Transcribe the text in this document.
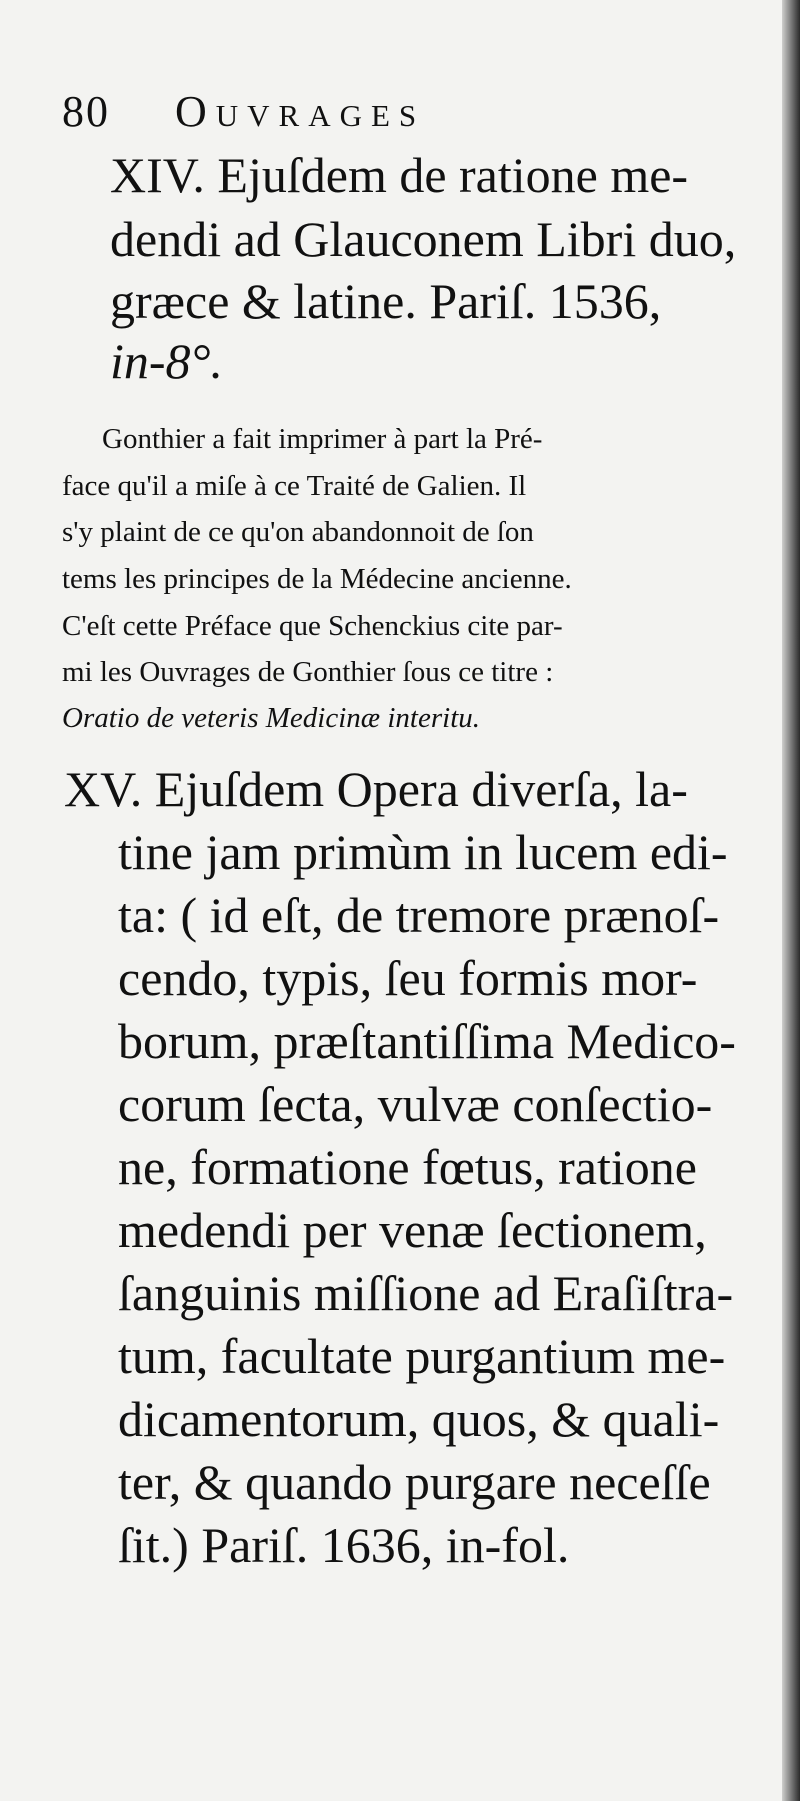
80 Ouvrages
XIV. Ejuſdem de ratione me-
dendi ad Glauconem Libri duo,
græce & latine. Pariſ. 1536,
in-8°.
Gonthier a fait imprimer à part la Pré-
face qu'il a miſe à ce Traité de Galien. Il
s'y plaint de ce qu'on abandonnoit de ſon
tems les principes de la Médecine ancienne.
C'eſt cette Préface que Schenckius cite par-
mi les Ouvrages de Gonthier ſous ce titre :
Oratio de veteris Medicinæ interitu.
XV. Ejuſdem Opera diverſa, la-
tine jam primùm in lucem edi-
ta: ( id eſt, de tremore prænoſ-
cendo, typis, ſeu formis mor-
borum, præſtantiſſima Medico-
corum ſecta, vulvæ conſectio-
ne, formatione fœtus, ratione
medendi per venæ ſectionem,
ſanguinis miſſione ad Eraſiſtra-
tum, facultate purgantium me-
dicamentorum, quos, & quali-
ter, & quando purgare neceſſe
ſit.) Pariſ. 1636, in-fol.
